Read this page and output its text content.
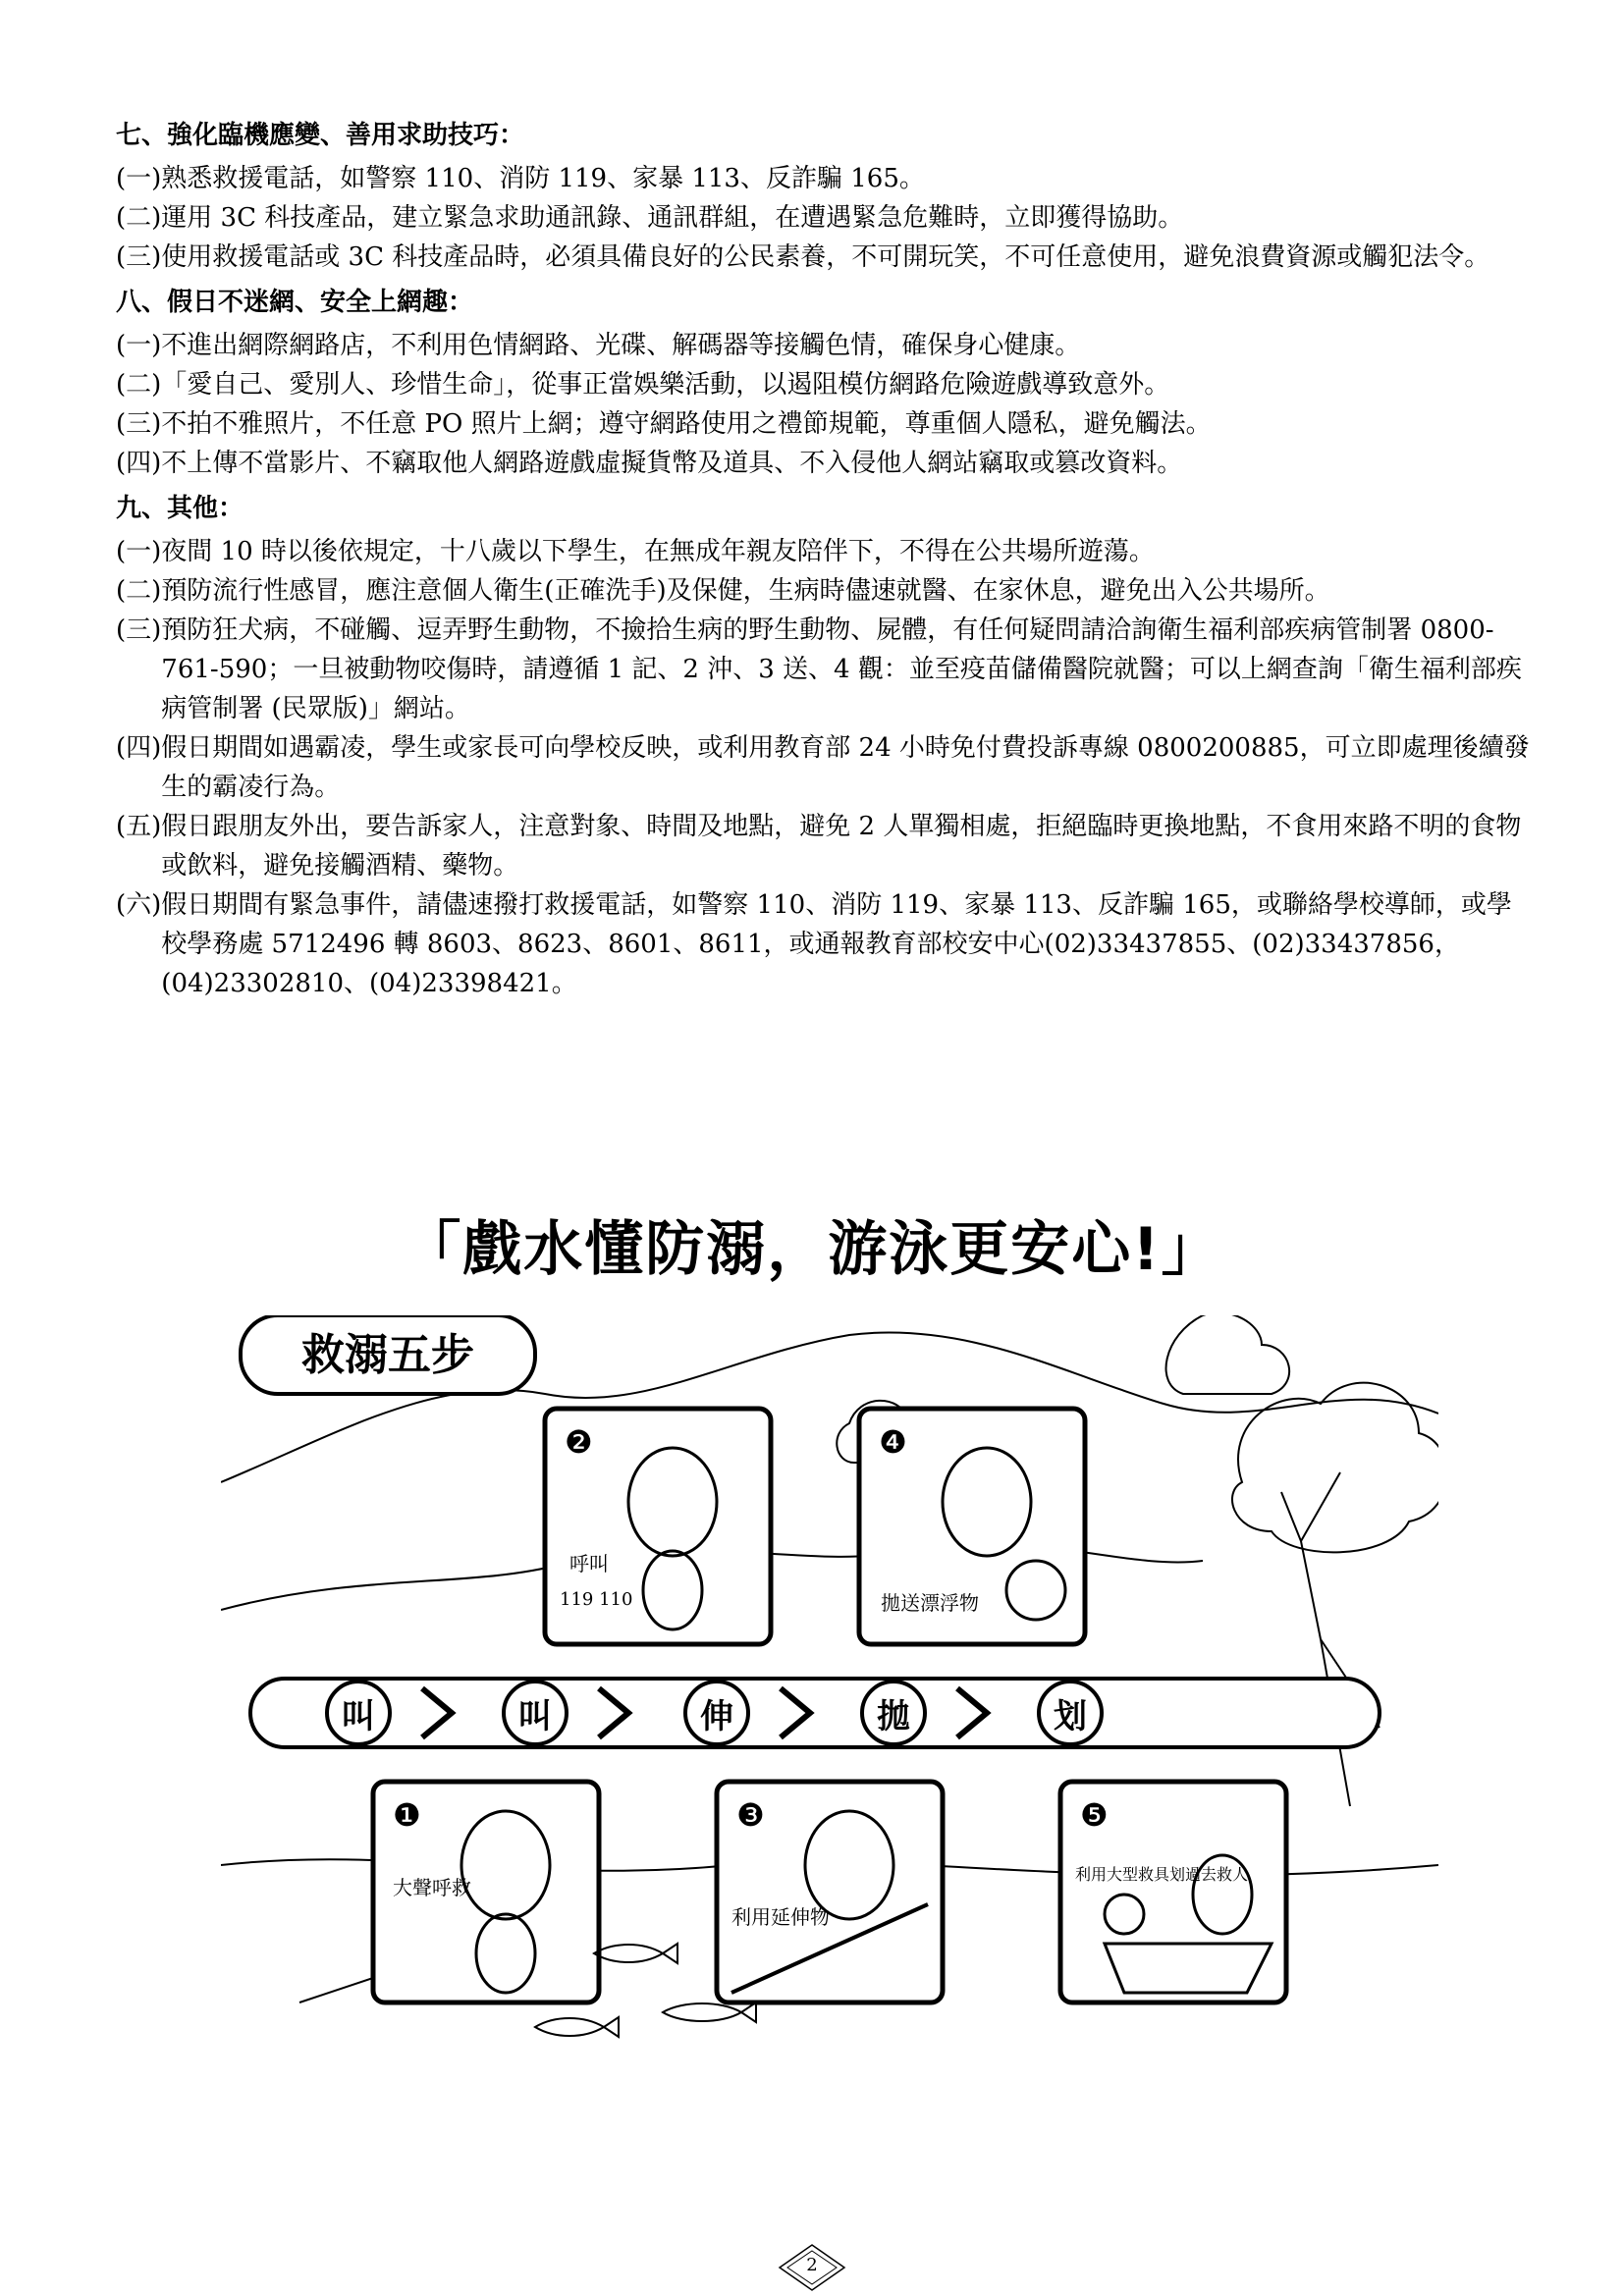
七、強化臨機應變、善用求助技巧：
(一) 熟悉救援電話，如警察 110、消防 119、家暴 113、反詐騙 165。
(二) 運用 3C 科技產品，建立緊急求助通訊錄、通訊群組，在遭遇緊急危難時，立即獲得協助。
(三) 使用救援電話或 3C 科技產品時，必須具備良好的公民素養，不可開玩笑，不可任意使用，避免浪費資源或觸犯法令。
八、假日不迷網、安全上網趣：
(一) 不進出網際網路店，不利用色情網路、光碟、解碼器等接觸色情，確保身心健康。
(二) 「愛自己、愛別人、珍惜生命」，從事正當娛樂活動，以遏阻模仿網路危險遊戲導致意外。
(三) 不拍不雅照片，不任意 PO 照片上網；遵守網路使用之禮節規範，尊重個人隱私，避免觸法。
(四) 不上傳不當影片、不竊取他人網路遊戲虛擬貨幣及道具、不入侵他人網站竊取或篡改資料。
九、其他：
(一) 夜間 10 時以後依規定，十八歲以下學生，在無成年親友陪伴下，不得在公共場所遊蕩。
(二) 預防流行性感冒，應注意個人衛生(正確洗手)及保健，生病時儘速就醫、在家休息，避免出入公共場所。
(三) 預防狂犬病，不碰觸、逗弄野生動物，不撿拾生病的野生動物、屍體，有任何疑問請洽詢衛生福利部疾病管制署 0800-761-590；一旦被動物咬傷時，請遵循 1 記、2 沖、3 送、4 觀：並至疫苗儲備醫院就醫；可以上網查詢「衛生福利部疾病管制署 (民眾版)」網站。
(四) 假日期間如遇霸凌，學生或家長可向學校反映，或利用教育部 24 小時免付費投訴專線 0800200885，可立即處理後續發生的霸凌行為。
(五) 假日跟朋友外出，要告訴家人，注意對象、時間及地點，避免 2 人單獨相處，拒絕臨時更換地點，不食用來路不明的食物或飲料，避免接觸酒精、藥物。
(六) 假日期間有緊急事件，請儘速撥打救援電話，如警察 110、消防 119、家暴 113、反詐騙 165，或聯絡學校導師，或學校學務處 5712496 轉 8603、8623、8601、8611，或通報教育部校安中心(02)33437855、(02)33437856，(04)23302810、(04)23398421。
「戲水懂防溺，游泳更安心!」
救溺五步
❷
呼叫
119 110
❹
拋送漂浮物
叫	叫	伸	拋	划
❶
大聲呼救
❸
利用延伸物
❺
利用大型救具划過去救人
2
